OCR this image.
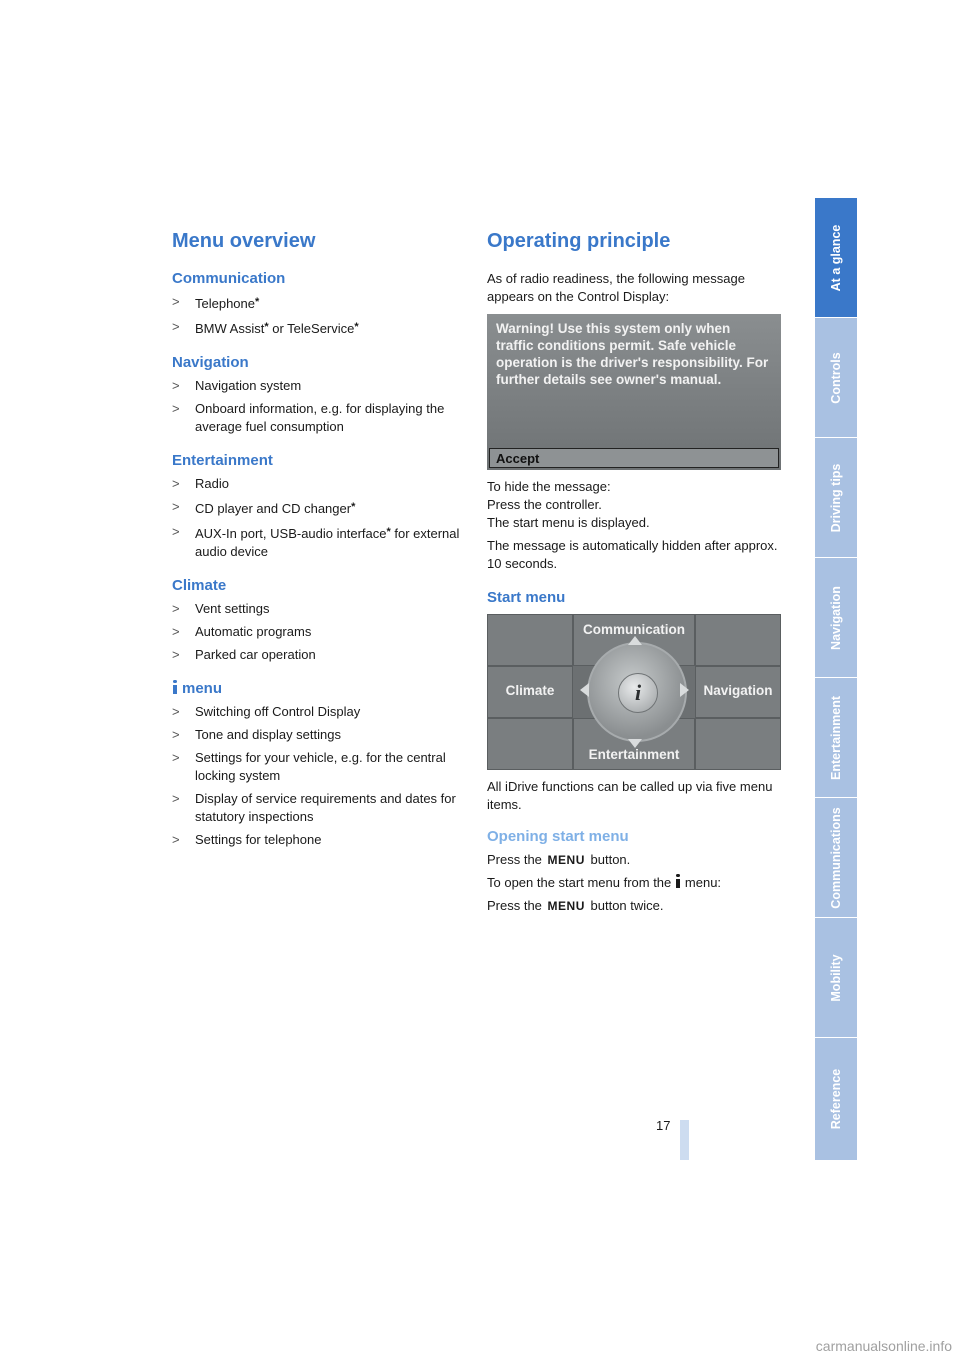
Menu overview
Communication
> Telephone*
> BMW Assist* or TeleService*
Navigation
> Navigation system
> Onboard information, e.g. for displaying the average fuel consumption
Entertainment
> Radio
> CD player and CD changer*
> AUX-In port, USB-audio interface* for external audio device
Climate
> Vent settings
> Automatic programs
> Parked car operation
menu
> Switching off Control Display
> Tone and display settings
> Settings for your vehicle, e.g. for the central locking system
> Display of service requirements and dates for statutory inspections
> Settings for telephone
Operating principle

As of radio readiness, the following message appears on the Control Display:

Warning! Use this system only when traffic conditions permit. Safe vehicle operation is the driver's responsibility. For further details see owner's manual.
Accept

To hide the message:

Press the controller.

The start menu is displayed.

The message is automatically hidden after approx. 10 seconds.

Start menu
i
Communication
Climate	Navigation
Entertainment

All iDrive functions can be called up via five menu items.

Opening start menu

Press the MENU button.

To open the start menu from the menu:

Press the MENU button twice.

At a glance
Controls
Driving tips
Navigation
Entertainment
Communications
Mobility
Reference
17
carmanualsonline.info
